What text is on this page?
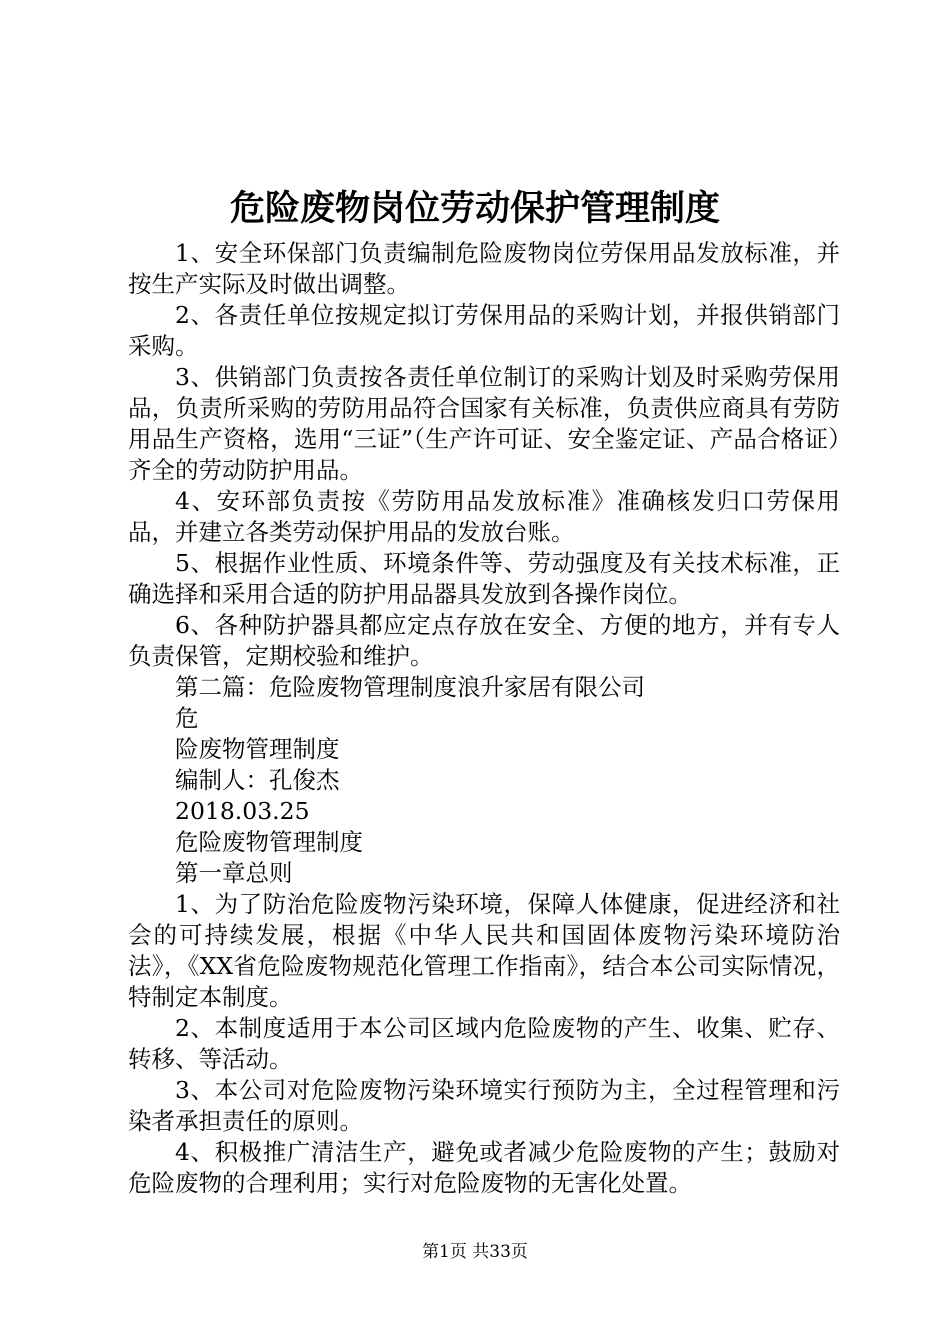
危险废物岗位劳动保护管理制度

1、安全环保部门负责编制危险废物岗位劳保用品发放标准，并按生产实际及时做出调整。

2、各责任单位按规定拟订劳保用品的采购计划，并报供销部门采购。

3、供销部门负责按各责任单位制订的采购计划及时采购劳保用品，负责所采购的劳防用品符合国家有关标准，负责供应商具有劳防用品生产资格，选用“三证”（生产许可证、安全鉴定证、产品合格证）齐全的劳动防护用品。

4、安环部负责按《劳防用品发放标准》准确核发归口劳保用品，并建立各类劳动保护用品的发放台账。

5、根据作业性质、环境条件等、劳动强度及有关技术标准，正确选择和采用合适的防护用品器具发放到各操作岗位。

6、各种防护器具都应定点存放在安全、方便的地方，并有专人负责保管，定期校验和维护。

第二篇：危险废物管理制度浪升家居有限公司

危

险废物管理制度

编制人：孔俊杰

2018.03.25

危险废物管理制度

第一章总则

1、为了防治危险废物污染环境，保障人体健康，促进经济和社会的可持续发展，根据《中华人民共和国固体废物污染环境防治法》，《XX省危险废物规范化管理工作指南》，结合本公司实际情况，特制定本制度。

2、本制度适用于本公司区域内危险废物的产生、收集、贮存、转移、等活动。

3、本公司对危险废物污染环境实行预防为主，全过程管理和污染者承担责任的原则。

4、积极推广清洁生产，避免或者减少危险废物的产生；鼓励对危险废物的合理利用；实行对危险废物的无害化处置。

第1页 共33页
